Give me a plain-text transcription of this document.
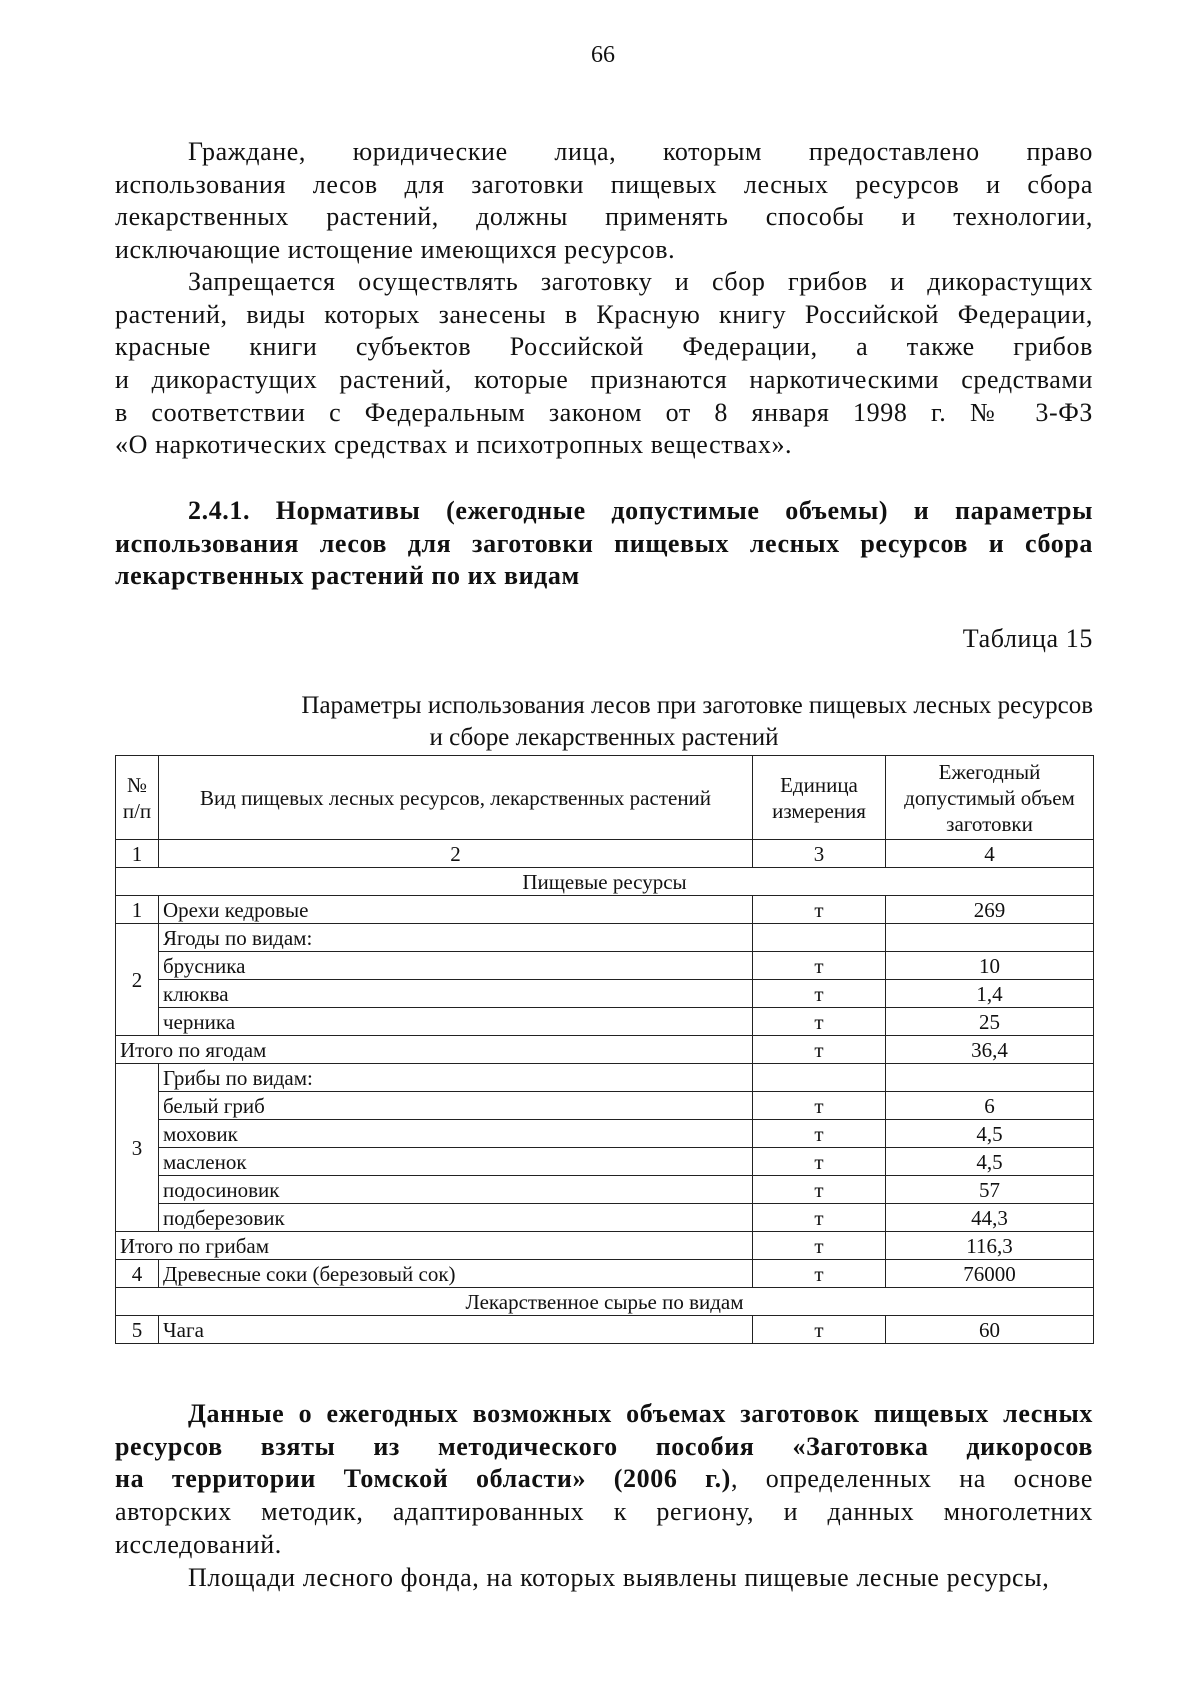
66
Граждане, юридические лица, которым предоставлено право
использования лесов для заготовки пищевых лесных ресурсов и сбора
лекарственных растений, должны применять способы и технологии,
исключающие истощение имеющихся ресурсов.
Запрещается осуществлять заготовку и сбор грибов и дикорастущих
растений, виды которых занесены в Красную книгу Российской Федерации,
красные книги субъектов Российской Федерации, а также грибов
и дикорастущих растений, которые признаются наркотическими средствами
в соответствии с Федеральным законом от 8 января 1998 г. № 3-ФЗ
«О наркотических средствах и психотропных веществах».
2.4.1. Нормативы (ежегодные допустимые объемы) и параметры
использования лесов для заготовки пищевых лесных ресурсов и сбора
лекарственных растений по их видам
Таблица 15
Параметры использования лесов при заготовке пищевых лесных ресурсов
и сборе лекарственных растений
№ п/п	Вид пищевых лесных ресурсов, лекарственных растений	Единица измерения	Ежегодный допустимый объем заготовки
1	2	3	4
Пищевые ресурсы			
1	Орехи кедровые	т	269
2	Ягоды по видам:		
	брусника	т	10
	клюква	т	1,4
	черника	т	25
Итого по ягодам		т	36,4
3	Грибы по видам:		
	белый гриб	т	6
	моховик	т	4,5
	масленок	т	4,5
	подосиновик	т	57
	подберезовик	т	44,3
Итого по грибам		т	116,3
4	Древесные соки (березовый сок)	т	76000
Лекарственное сырье по видам			
5	Чага	т	60
Данные о ежегодных возможных объемах заготовок пищевых лесных
ресурсов взяты из методического пособия «Заготовка дикоросов
на территории Томской области» (2006 г.), определенных на основе
авторских методик, адаптированных к региону, и данных многолетних
исследований.
Площади лесного фонда, на которых выявлены пищевые лесные ресурсы,
